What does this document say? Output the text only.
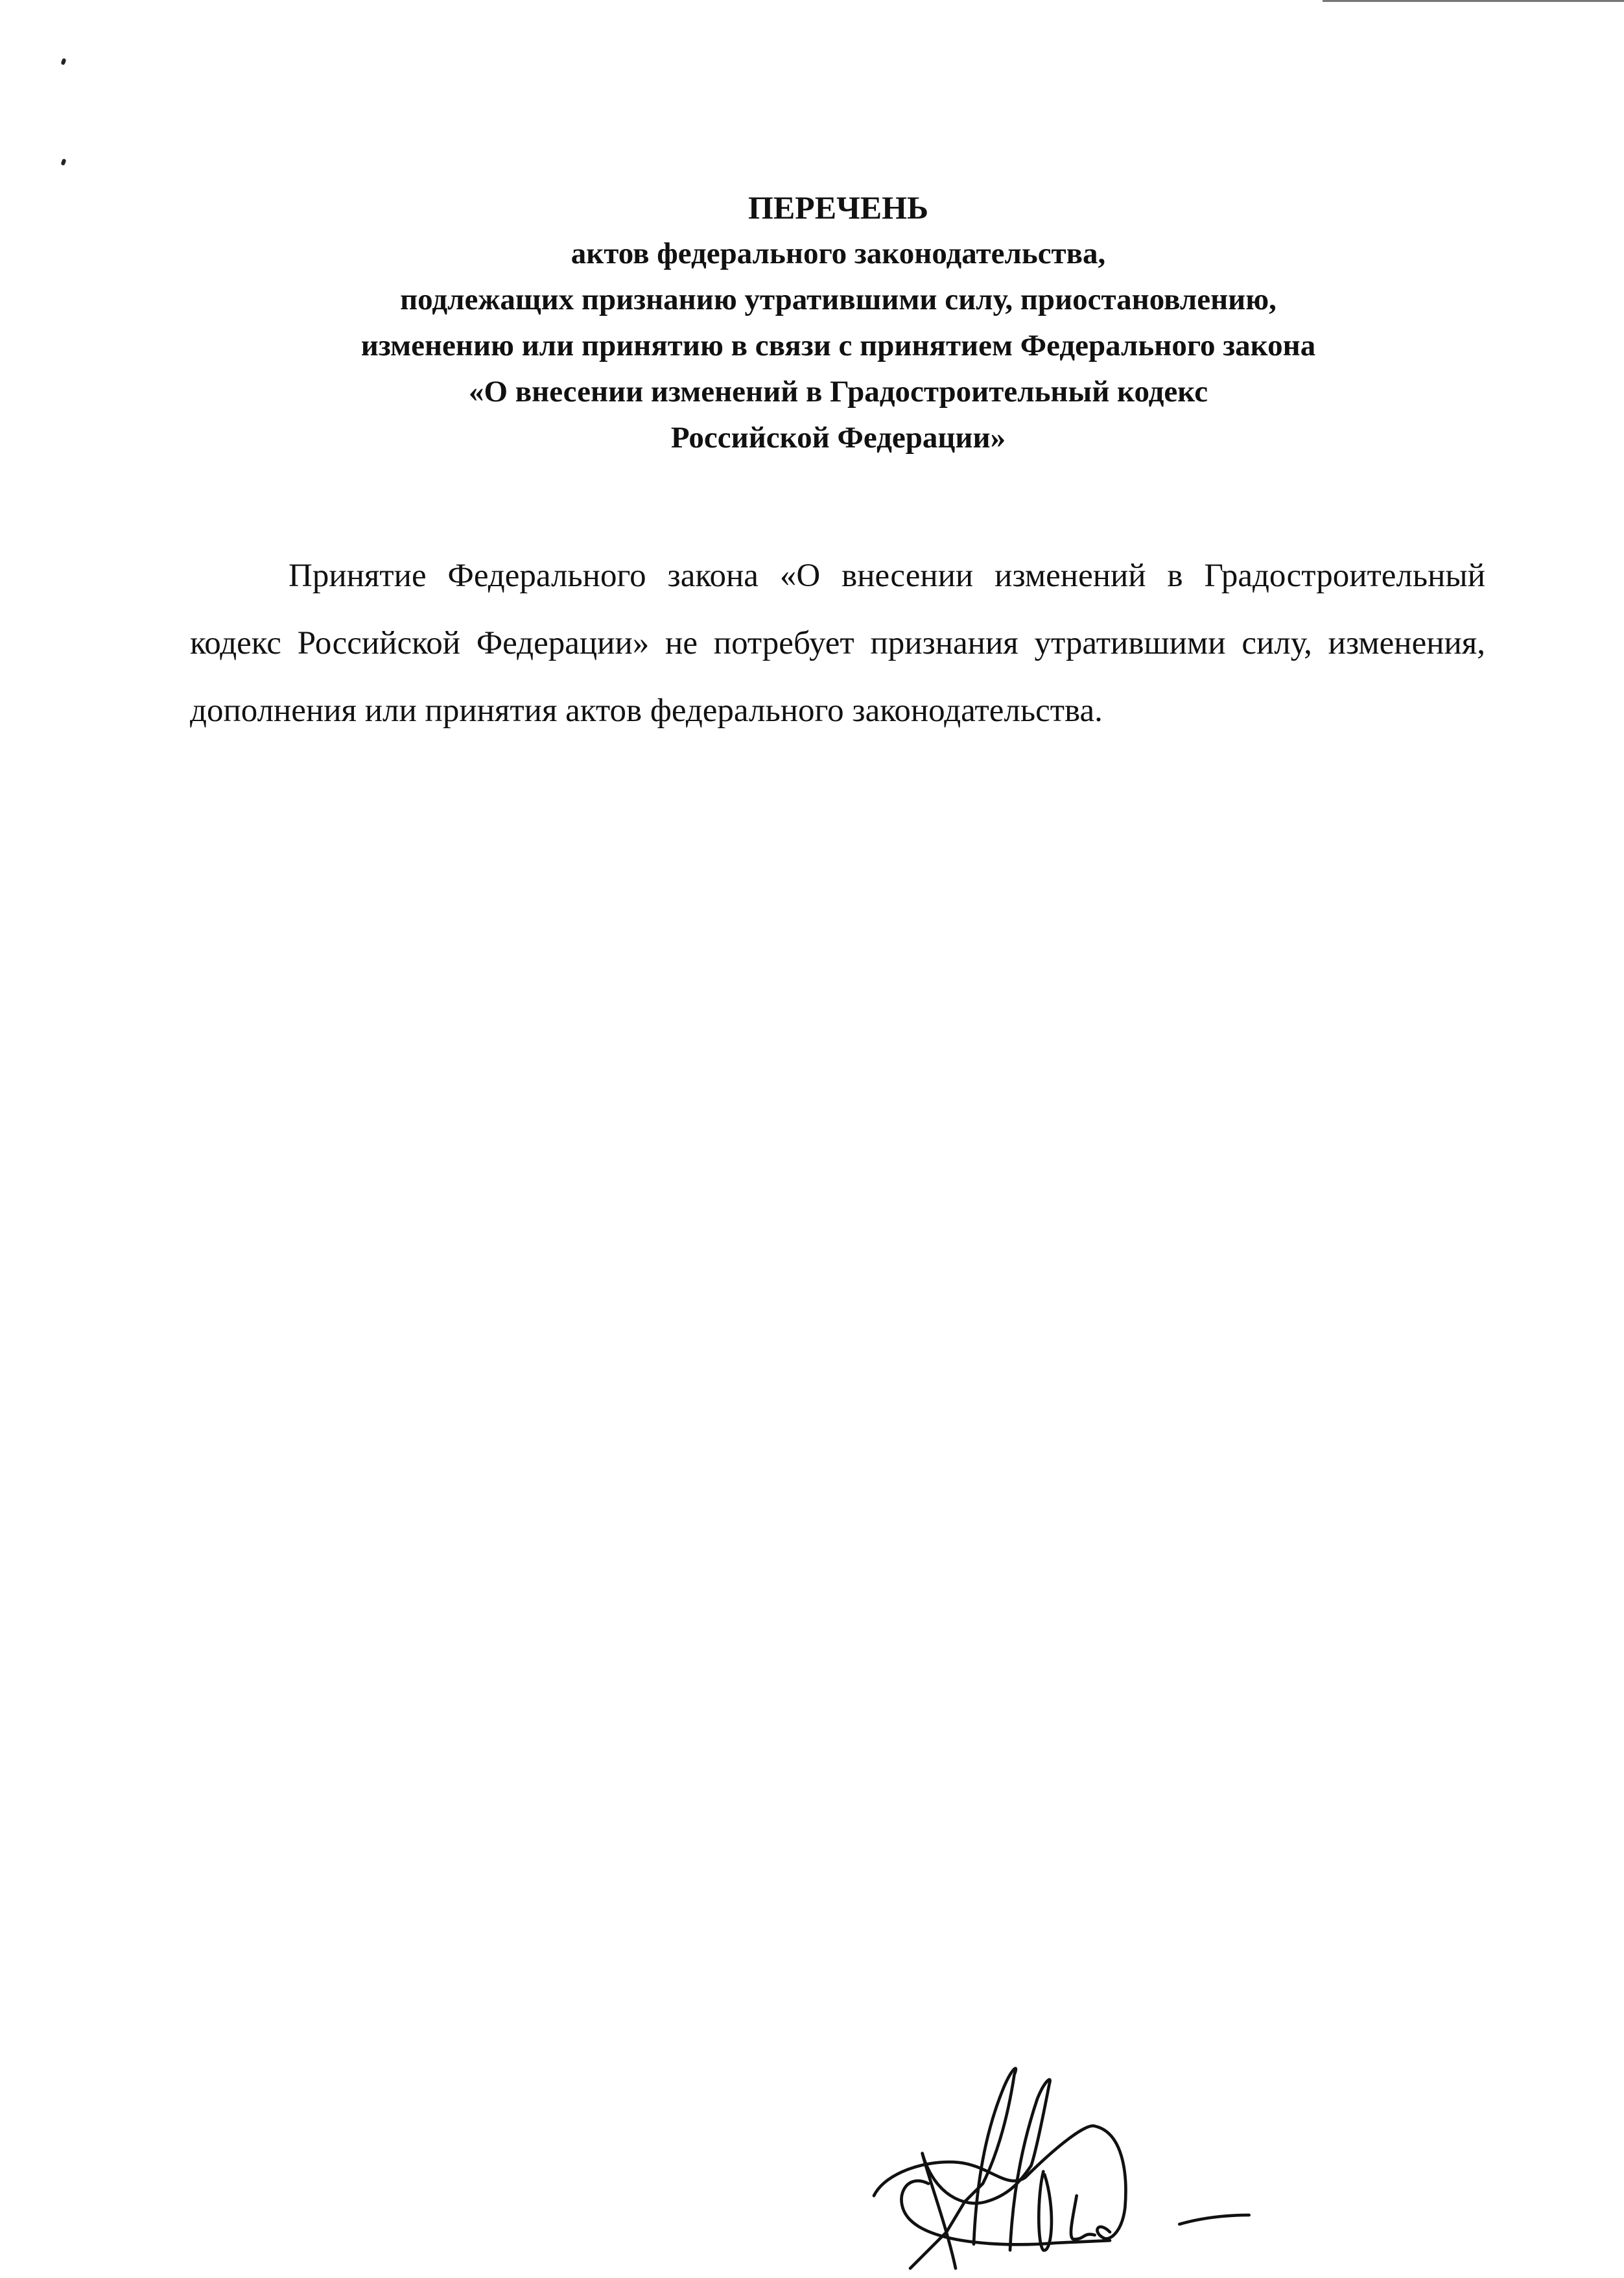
ПЕРЕЧЕНЬ
актов федерального законодательства,
подлежащих признанию утратившими силу, приостановлению,
изменению или принятию в связи с принятием Федерального закона
«О внесении изменений в Градостроительный кодекс
Российской Федерации»

Принятие Федерального закона «О внесении изменений в Градостроительный кодекс Российской Федерации» не потребует признания утратившими силу, изменения, дополнения или принятия актов федерального законодательства.
